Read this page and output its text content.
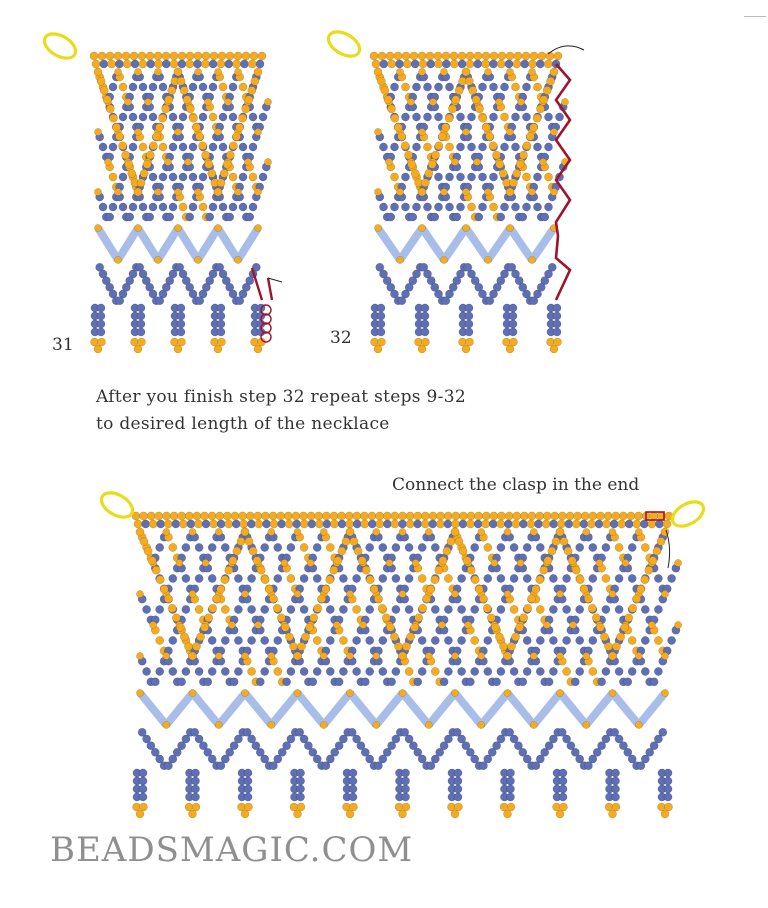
31	32
After you finish step 32 repeat steps 9-32
to desired length of the necklace
Connect the clasp in the end
BEADSMAGIC.COM
